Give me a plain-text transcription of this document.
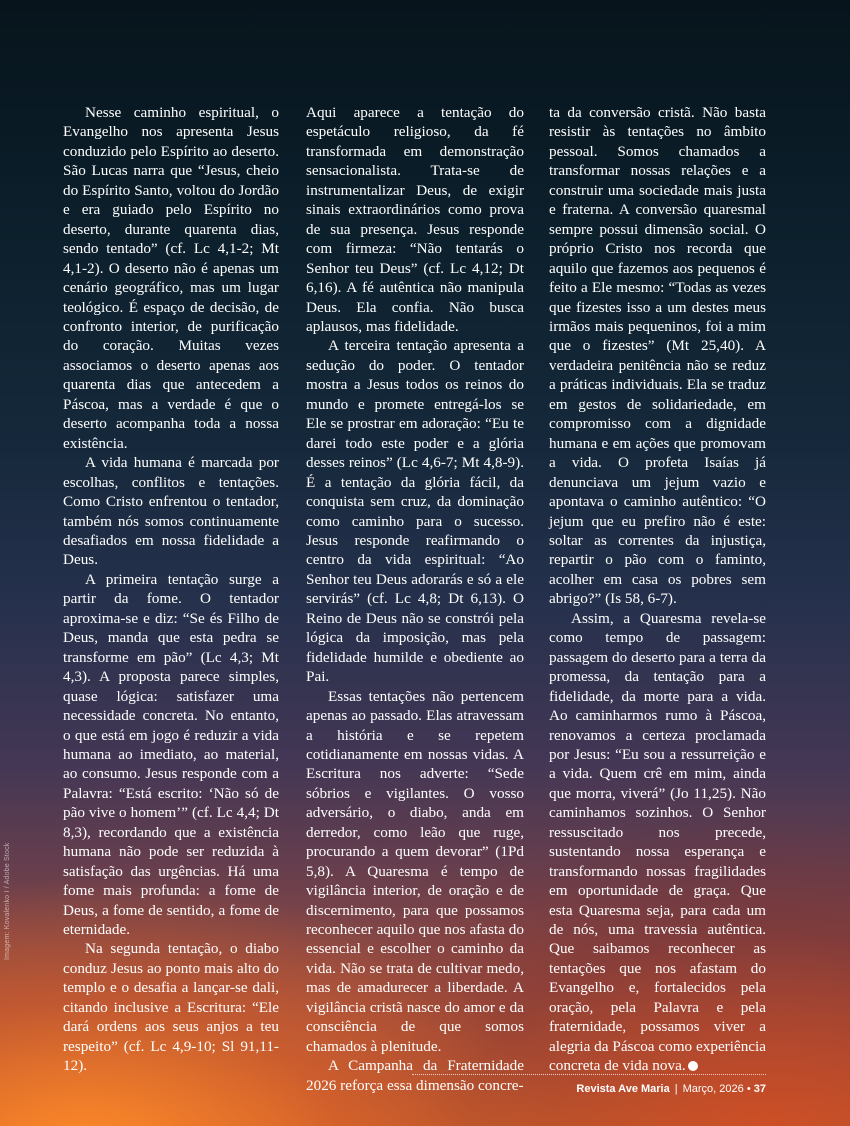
Nesse caminho espiritual, o Evangelho nos apresenta Jesus conduzido pelo Espírito ao deserto. São Lucas narra que “Jesus, cheio do Espírito Santo, voltou do Jordão e era guiado pelo Espírito no deserto, durante quarenta dias, sendo tentado” (cf. Lc 4,1-2; Mt 4,1-2). O deserto não é apenas um cenário geográfico, mas um lugar teológico. É espaço de decisão, de confronto interior, de purificação do coração. Muitas vezes associamos o deserto apenas aos quarenta dias que antecedem a Páscoa, mas a verdade é que o deserto acompanha toda a nossa existência.

A vida humana é marcada por escolhas, conflitos e tentações. Como Cristo enfrentou o tentador, também nós somos continuamente desafiados em nossa fidelidade a Deus.

A primeira tentação surge a partir da fome. O tentador aproxima-se e diz: “Se és Filho de Deus, manda que esta pedra se transforme em pão” (Lc 4,3; Mt 4,3). A proposta parece simples, quase lógica: satisfazer uma necessidade concreta. No entanto, o que está em jogo é reduzir a vida humana ao imediato, ao material, ao consumo. Jesus responde com a Palavra: “Está escrito: ‘Não só de pão vive o homem’” (cf. Lc 4,4; Dt 8,3), recordando que a existência humana não pode ser reduzida à satisfação das urgências. Há uma fome mais profunda: a fome de Deus, a fome de sentido, a fome de eternidade.

Na segunda tentação, o diabo conduz Jesus ao ponto mais alto do templo e o desafia a lançar-se dali, citando inclusive a Escritura: “Ele dará ordens aos seus anjos a teu respeito” (cf. Lc 4,9-10; Sl 91,11-12).

Aqui aparece a tentação do espetáculo religioso, da fé transformada em demonstração sensacionalista. Trata-se de instrumentalizar Deus, de exigir sinais extraordinários como prova de sua presença. Jesus responde com firmeza: “Não tentarás o Senhor teu Deus” (cf. Lc 4,12; Dt 6,16). A fé autêntica não manipula Deus. Ela confia. Não busca aplausos, mas fidelidade.

A terceira tentação apresenta a sedução do poder. O tentador mostra a Jesus todos os reinos do mundo e promete entregá-los se Ele se prostrar em adoração: “Eu te darei todo este poder e a glória desses reinos” (Lc 4,6-7; Mt 4,8-9). É a tentação da glória fácil, da conquista sem cruz, da dominação como caminho para o sucesso. Jesus responde reafirmando o centro da vida espiritual: “Ao Senhor teu Deus adorarás e só a ele servirás” (cf. Lc 4,8; Dt 6,13). O Reino de Deus não se constrói pela lógica da imposição, mas pela fidelidade humilde e obediente ao Pai.

Essas tentações não pertencem apenas ao passado. Elas atravessam a história e se repetem cotidianamente em nossas vidas. A Escritura nos adverte: “Sede sóbrios e vigilantes. O vosso adversário, o diabo, anda em derredor, como leão que ruge, procurando a quem devorar” (1Pd 5,8). A Quaresma é tempo de vigilância interior, de oração e de discernimento, para que possamos reconhecer aquilo que nos afasta do essencial e escolher o caminho da vida. Não se trata de cultivar medo, mas de amadurecer a liberdade. A vigilância cristã nasce do amor e da consciência de que somos chamados à plenitude.

A Campanha da Fraternidade 2026 reforça essa dimensão concre-

ta da conversão cristã. Não basta resistir às tentações no âmbito pessoal. Somos chamados a transformar nossas relações e a construir uma sociedade mais justa e fraterna. A conversão quaresmal sempre possui dimensão social. O próprio Cristo nos recorda que aquilo que fazemos aos pequenos é feito a Ele mesmo: “Todas as vezes que fizestes isso a um destes meus irmãos mais pequeninos, foi a mim que o fizestes” (Mt 25,40). A verdadeira penitência não se reduz a práticas individuais. Ela se traduz em gestos de solidariedade, em compromisso com a dignidade humana e em ações que promovam a vida. O profeta Isaías já denunciava um jejum vazio e apontava o caminho autêntico: “O jejum que eu prefiro não é este: soltar as correntes da injustiça, repartir o pão com o faminto, acolher em casa os pobres sem abrigo?” (Is 58, 6-7).

Assim, a Quaresma revela-se como tempo de passagem: passagem do deserto para a terra da promessa, da tentação para a fidelidade, da morte para a vida. Ao caminharmos rumo à Páscoa, renovamos a certeza proclamada por Jesus: “Eu sou a ressurreição e a vida. Quem crê em mim, ainda que morra, viverá” (Jo 11,25). Não caminhamos sozinhos. O Senhor ressuscitado nos precede, sustentando nossa esperança e transformando nossas fragilidades em oportunidade de graça. Que esta Quaresma seja, para cada um de nós, uma travessia autêntica. Que saibamos reconhecer as tentações que nos afastam do Evangelho e, fortalecidos pela oração, pela Palavra e pela fraternidade, possamos viver a alegria da Páscoa como experiência concreta de vida nova.

Imagem: Kovalenko I / Adobe Stock
Revista Ave Maria | Março, 2026 • 37
